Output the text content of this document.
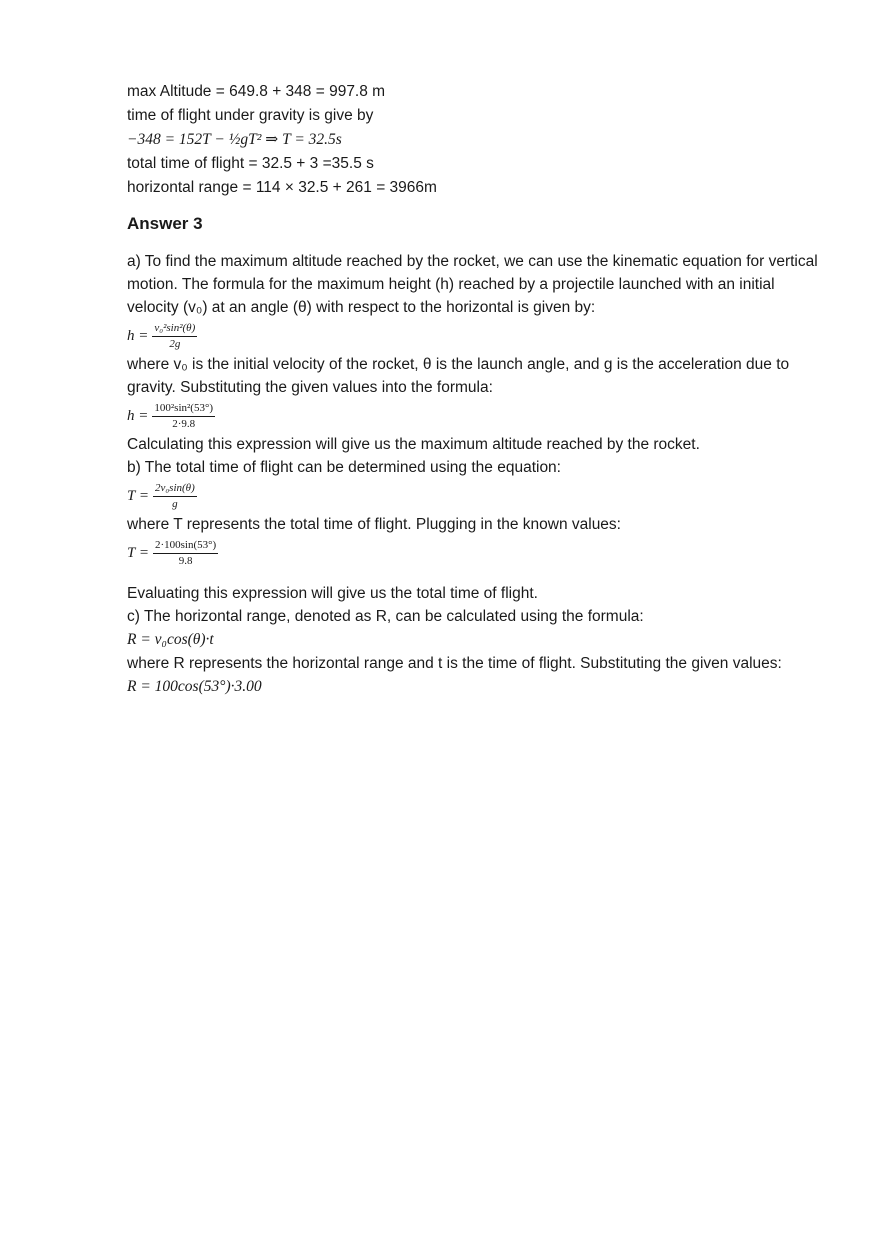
max Altitude = 649.8 + 348 = 997.8 m
time of flight under gravity is give by
−348 = 152T − ½gT² ⇒ T = 32.5s
total time of flight = 32.5 + 3 =35.5 s
horizontal range = 114 × 32.5 + 261 = 3966m
Answer 3
a) To find the maximum altitude reached by the rocket, we can use the kinematic equation for vertical motion. The formula for the maximum height (h) reached by a projectile launched with an initial velocity (v₀) at an angle (θ) with respect to the horizontal is given by:
$h = \frac{\text{v₀²sin²(θ)}}{2g}$
where v₀ is the initial velocity of the rocket, θ is the launch angle, and g is the acceleration due to gravity. Substituting the given values into the formula:
$h = \frac{\text{100²sin²(53°)}}{2\cdot 9.8}$
Calculating this expression will give us the maximum altitude reached by the rocket.
b) The total time of flight can be determined using the equation:
$T = \frac{\text{2v₀sin(θ)}}{g}$
where T represents the total time of flight. Plugging in the known values:
$T = \frac{2\cdot 100\sin(53^\circ)}{9.8}$
Evaluating this expression will give us the total time of flight.
c) The horizontal range, denoted as R, can be calculated using the formula:
R = v₀cos(θ)·t
where R represents the horizontal range and t is the time of flight. Substituting the given values:
R = 100cos(53°)·3.00
